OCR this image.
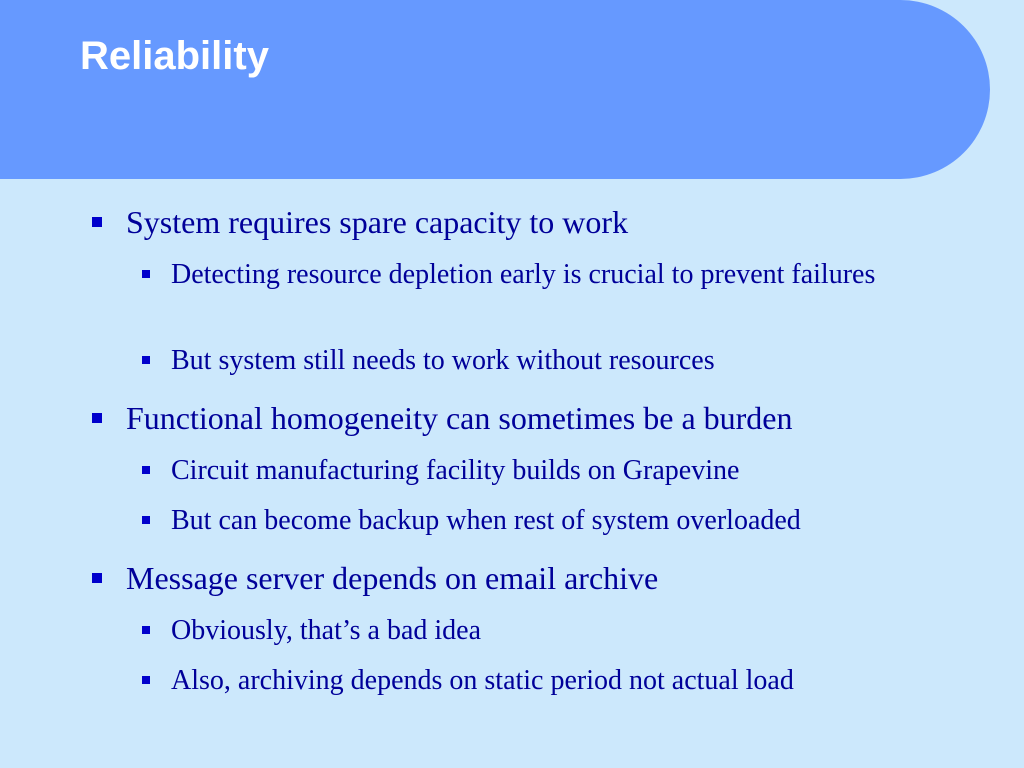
Reliability
System requires spare capacity to work
Detecting resource depletion early is crucial to prevent failures
But system still needs to work without resources
Functional homogeneity can sometimes be a burden
Circuit manufacturing facility builds on Grapevine
But can become backup when rest of system overloaded
Message server depends on email archive
Obviously, that’s a bad idea
Also, archiving depends on static period not actual load
